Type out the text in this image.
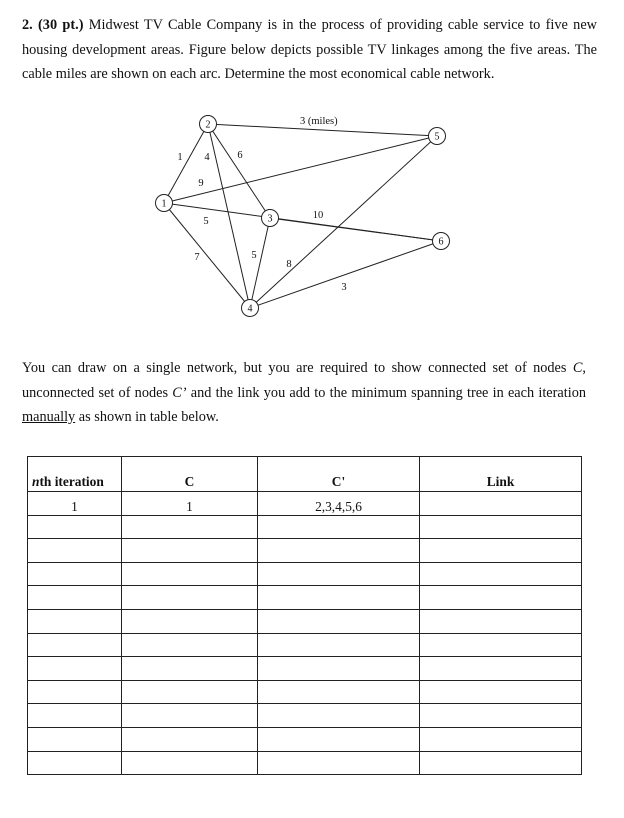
2. (30 pt.) Midwest TV Cable Company is in the process of providing cable service to five new housing development areas. Figure below depicts possible TV linkages among the five areas. The cable miles are shown on each arc. Determine the most economical cable network.

1
2
3
4
5
6
1 4	6
9
5
7	5
10
8
3
3 (miles)

You can draw on a single network, but you are required to show connected set of nodes C, unconnected set of nodes C’ and the link you add to the minimum spanning tree in each iteration manually as shown in table below.

nth iteration	C	C'	Link
1	1	2,3,4,5,6	
